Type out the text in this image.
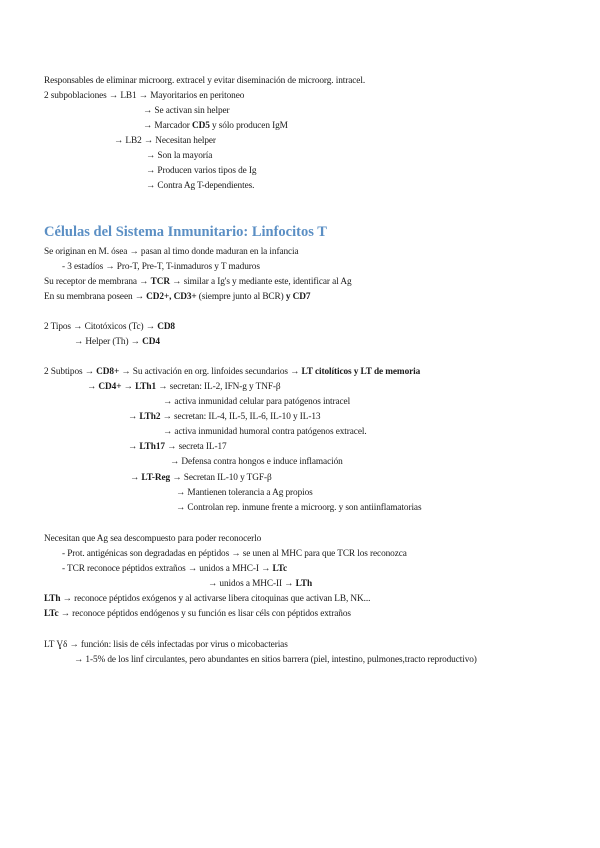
Responsables de eliminar microorg. extracel y evitar diseminación de microorg. intracel.
2 subpoblaciones → LB1 → Mayoritarios en peritoneo
→ Se activan sin helper
→ Marcador CD5 y sólo producen IgM
→ LB2 → Necesitan helper
→ Son la mayoría
→ Producen varios tipos de Ig
→ Contra Ag T-dependientes.
Células del Sistema Inmunitario: Linfocitos T
Se originan en M. ósea → pasan al timo donde maduran en la infancia
- 3 estadíos → Pro-T, Pre-T, T-inmaduros y T maduros
Su receptor de membrana → TCR → similar a Ig's y mediante este, identificar al Ag
En su membrana poseen → CD2+, CD3+ (siempre junto al BCR) y CD7
2 Tipos → Citotóxicos (Tc) → CD8
→ Helper (Th) → CD4
2 Subtipos → CD8+ → Su activación en org. linfoides secundarios → LT citolíticos y LT de memoria
→ CD4+ → LTh1 → secretan: IL-2, IFN-g y TNF-β
→ activa inmunidad celular para patógenos intracel
→ LTh2 → secretan: IL-4, IL-5, IL-6, IL-10 y IL-13
→ activa inmunidad humoral contra patógenos extracel.
→ LTh17 → secreta IL-17
→ Defensa contra hongos e induce inflamación
→ LT-Reg → Secretan IL-10 y TGF-β
→ Mantienen tolerancia a Ag propios
→ Controlan rep. inmune frente a microorg. y son antiinflamatorias
Necesitan que Ag sea descompuesto para poder reconocerlo
- Prot. antigénicas son degradadas en péptidos → se unen al MHC para que TCR los reconozca
- TCR reconoce péptidos extraños → unidos a MHC-I → LTc
→ unidos a MHC-II → LTh
LTh → reconoce péptidos exógenos y al activarse libera citoquinas que activan LB, NK...
LTc → reconoce péptidos endógenos y su función es lisar céls con péptidos extraños
LT Ɣδ → función: lisis de céls infectadas por virus o micobacterias
→ 1-5% de los linf circulantes, pero abundantes en sitios barrera (piel, intestino, pulmones,tracto reproductivo)
